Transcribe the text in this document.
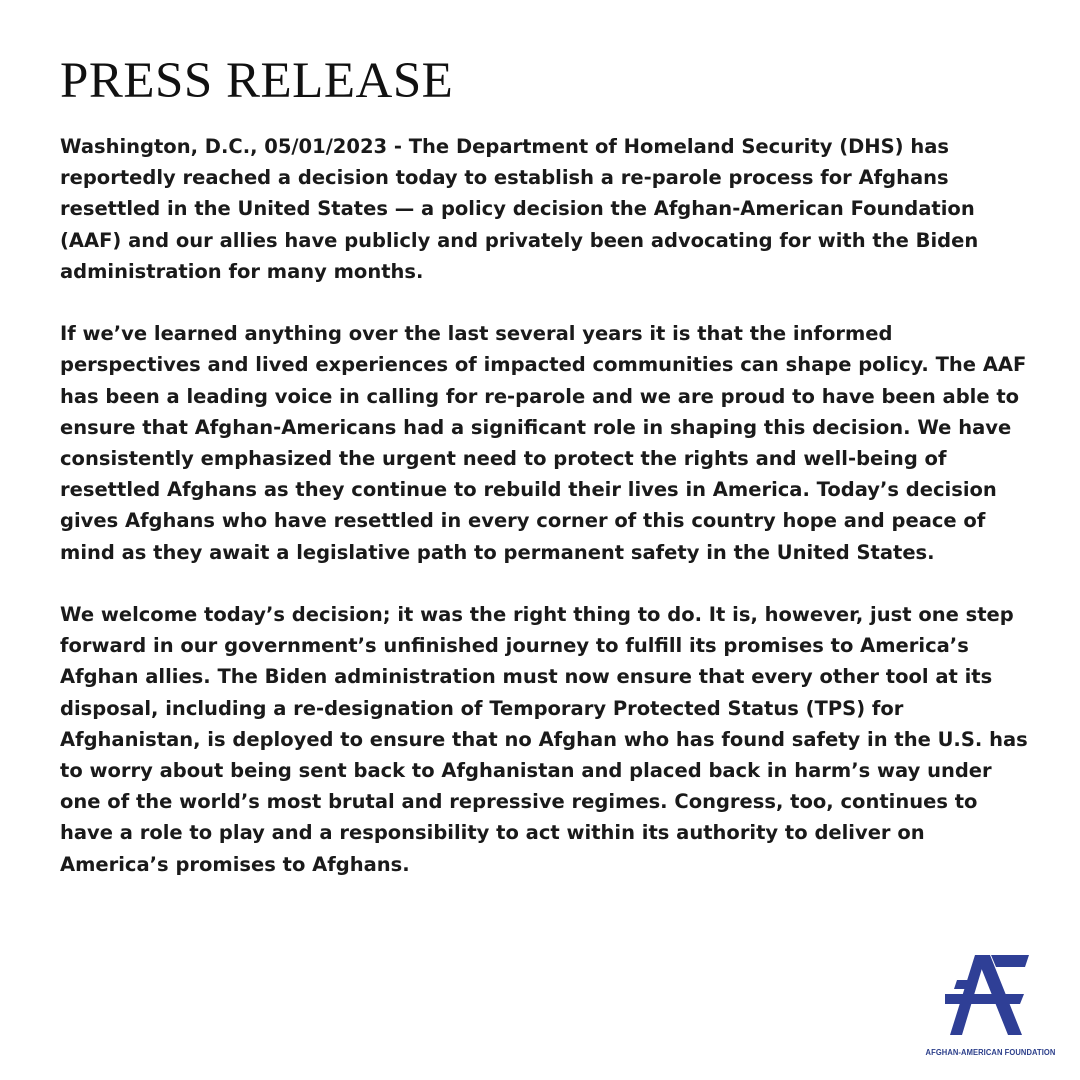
PRESS RELEASE

Washington, D.C., 05/01/2023 - The Department of Homeland Security (DHS) has reportedly reached a decision today to establish a re-parole process for Afghans resettled in the United States — a policy decision the Afghan-American Foundation (AAF) and our allies have publicly and privately been advocating for with the Biden administration for many months.

If we’ve learned anything over the last several years it is that the informed perspectives and lived experiences of impacted communities can shape policy. The AAF has been a leading voice in calling for re-parole and we are proud to have been able to ensure that Afghan-Americans had a significant role in shaping this decision. We have consistently emphasized the urgent need to protect the rights and well-being of resettled Afghans as they continue to rebuild their lives in America. Today’s decision gives Afghans who have resettled in every corner of this country hope and peace of mind as they await a legislative path to permanent safety in the United States.

We welcome today’s decision; it was the right thing to do. It is, however, just one step forward in our government’s unfinished journey to fulfill its promises to America’s Afghan allies. The Biden administration must now ensure that every other tool at its disposal, including a re-designation of Temporary Protected Status (TPS) for Afghanistan, is deployed to ensure that no Afghan who has found safety in the U.S. has to worry about being sent back to Afghanistan and placed back in harm’s way under one of the world’s most brutal and repressive regimes. Congress, too, continues to have a role to play and a responsibility to act within its authority to deliver on America’s promises to Afghans.

AFGHAN-AMERICAN FOUNDATION
